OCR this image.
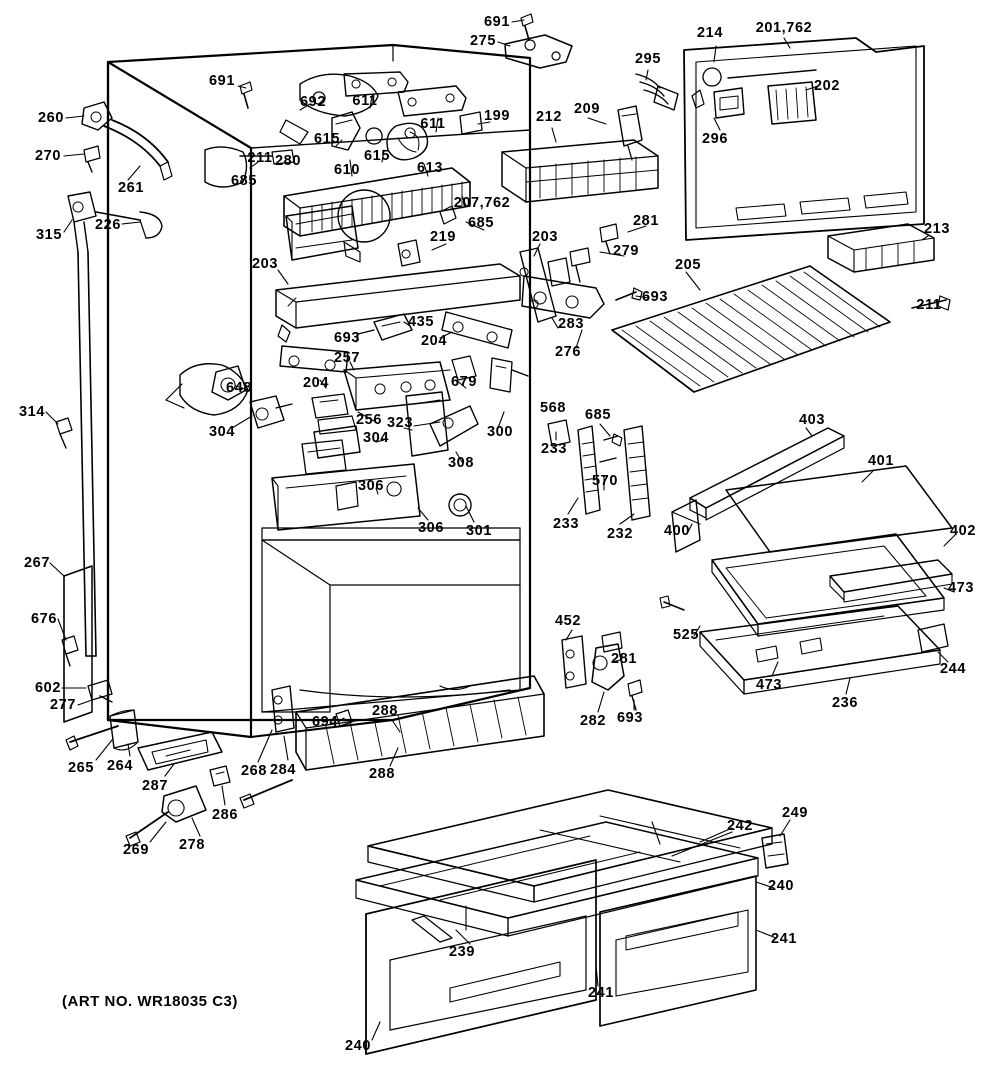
(ART NO. WR18035 C3)
691
275	214 201,762
691
295
692 611
202
199	209
212
611
260
615	296
615
270	211 280
610	613
261	685
207,762
315
226	685	281	213
219
279
203
205
203
693	211
283
435
276
693	204
257
648	204	679
314	256 323
568 685	403
304	304	300
401
233
308
570
306
402
233
232 400
306 301
473
267
676	452
525
244
281
602
277
473
236
282 693
694
288
265 264	268 284	288
287
286	249
242
269 278
240
241
239
241
240
